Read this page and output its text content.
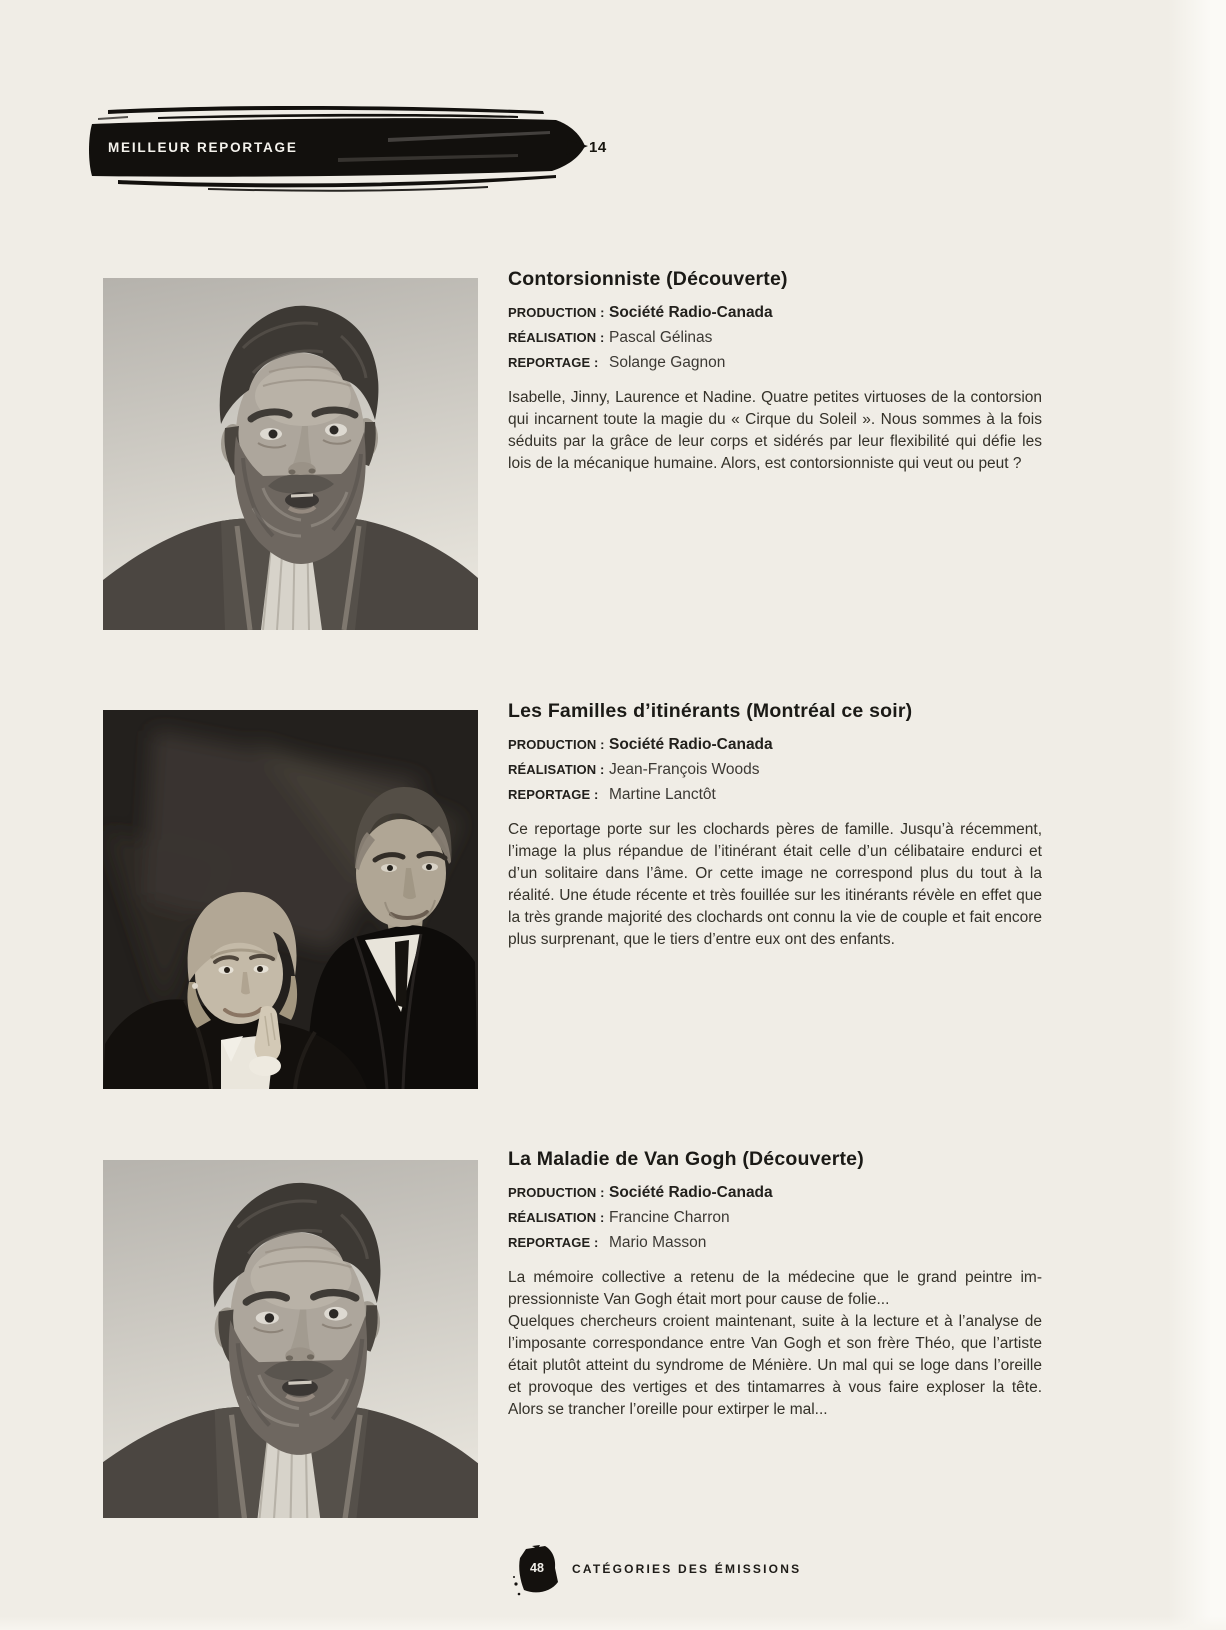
MEILLEUR REPORTAGE	14
Contorsionniste (Découverte)
PRODUCTION : Société Radio-Canada
RÉALISATION : Pascal Gélinas
REPORTAGE : Solange Gagnon

Isabelle, Jinny, Laurence et Nadine. Quatre petites virtuoses de la contorsion qui incarnent toute la magie du « Cirque du Soleil ». Nous sommes à la fois séduits par la grâce de leur corps et sidérés par leur flexibilité qui défie les lois de la mécanique humaine. Alors, est contorsionniste qui veut ou peut ?

Les Familles d’itinérants (Montréal ce soir)
PRODUCTION : Société Radio-Canada
RÉALISATION : Jean-François Woods
REPORTAGE : Martine Lanctôt

Ce reportage porte sur les clochards pères de famille. Jusqu’à récemment, l’image la plus répandue de l’itinérant était celle d’un célibataire endurci et d’un solitaire dans l’âme. Or cette image ne correspond plus du tout à la réalité. Une étude récente et très fouillée sur les itinérants révèle en effet que la très grande majorité des clochards ont connu la vie de couple et fait encore plus surprenant, que le tiers d’entre eux ont des enfants.

La Maladie de Van Gogh (Découverte)
PRODUCTION : Société Radio-Canada
RÉALISATION : Francine Charron
REPORTAGE : Mario Masson

La mémoire collective a retenu de la médecine que le grand peintre impressionniste Van Gogh était mort pour cause de folie...

Quelques chercheurs croient maintenant, suite à la lecture et à l’analyse de l’imposante correspondance entre Van Gogh et son frère Théo, que l’artiste était plutôt atteint du syndrome de Ménière. Un mal qui se loge dans l’oreille et provoque des vertiges et des tintamarres à vous faire exploser la tête. Alors se trancher l’oreille pour extirper le mal...

48	CATÉGORIES DES ÉMISSIONS
